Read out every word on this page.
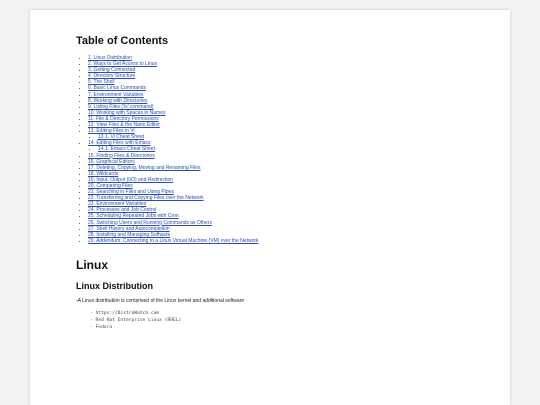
Table of Contents
• 1. Linux Distribution
• 2. Ways to Get Access to Linux
• 3. Getting Connected
• 4. Directory Structure
• 5. The Shell
• 6. Basic Linux Commands
• 7. Environment Variables
• 8. Working with Directories
• 9. Listing Files ('ls' command)
• 10. Working with Spaces in Names
• 11. File & Directory Permissions
• 12. View Files & the Nano Editor
• 13. Editing Files in Vi
• 13.1. Vi Cheat Sheet
• 14. Editing Files with Emacs
• 14.1. Emacs Cheat Sheet
• 15. Finding Files & Directories
• 16. Graphical Editors
• 17. Deleting, Copying, Moving and Renaming Files
• 18. Wildcards
• 19. Input, Output (I/O) and Redirection
• 20. Comparing Files
• 21. Searching in Files and Using Pipes
• 22. Transferring and Copying Files over the Network
• 23. Environment Variables
• 24. Processes and Job Control
• 25. Scheduling Repeated Jobs with Cron
• 26. Switching Users and Running Commands as Others
• 27. Shell History and Autocompletion
• 28. Installing and Managing Software
• 29. Addendum: Connecting to a Linux Virtual Machine (VM) over the Network
Linux
Linux Distribution

-A Linux distribution is comprised of the Linux kernel and additional software

- https://DistroWatch.com
- Red Hat Enterprise Linux (RHEL)
- Fedora
